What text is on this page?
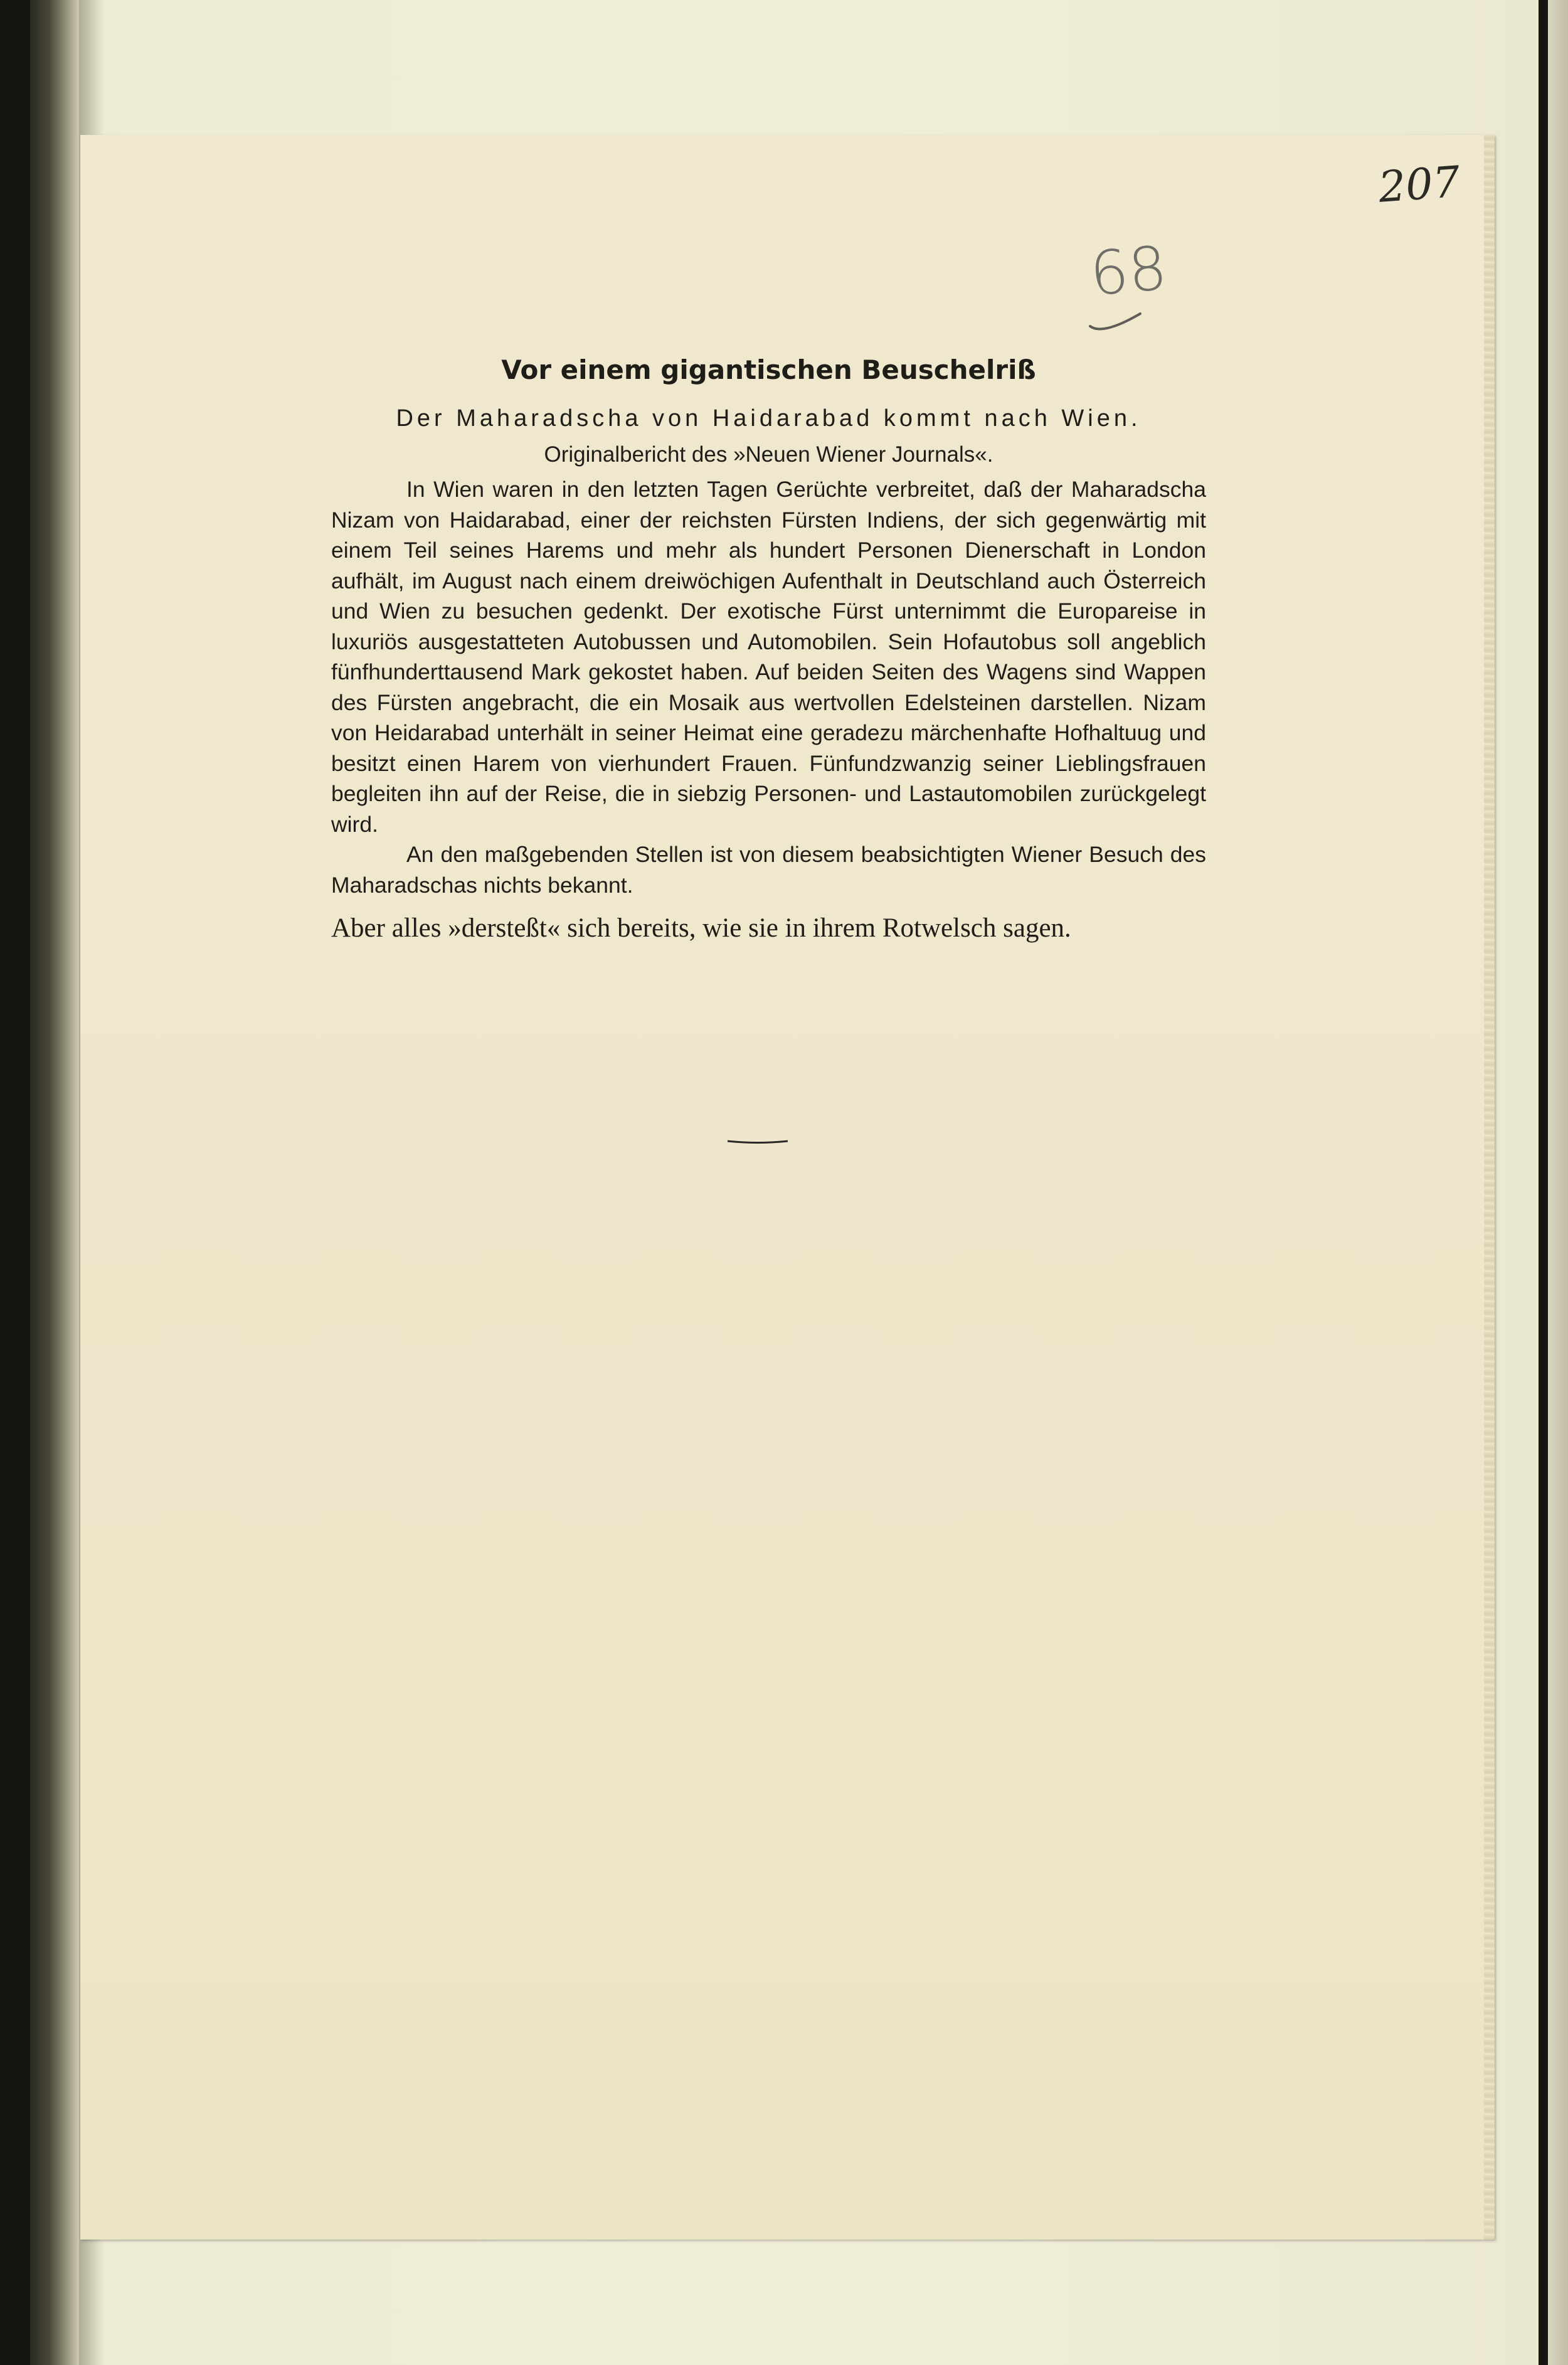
207
68
Vor einem gigantischen Beuschelriß

Der Maharadscha von Haidarabad kommt nach Wien.

Originalbericht des »Neuen Wiener Journals«.

In Wien waren in den letzten Tagen Gerüchte verbreitet, daß der Maharadscha Nizam von Haidarabad, einer der reichsten Fürsten Indiens, der sich gegenwärtig mit einem Teil seines Harems und mehr als hundert Personen Dienerschaft in London aufhält, im August nach einem dreiwöchigen Aufenthalt in Deutschland auch Österreich und Wien zu besuchen gedenkt. Der exotische Fürst unternimmt die Europareise in luxuriös ausgestatteten Autobussen und Automobilen. Sein Hofautobus soll angeblich fünfhunderttausend Mark gekostet haben. Auf beiden Seiten des Wagens sind Wappen des Fürsten angebracht, die ein Mosaik aus wertvollen Edelsteinen darstellen. Nizam von Heidarabad unterhält in seiner Heimat eine geradezu märchenhafte Hofhaltuug und besitzt einen Harem von vierhundert Frauen. Fünfundzwanzig seiner Lieblingsfrauen begleiten ihn auf der Reise, die in siebzig Personen- und Lastautomobilen zurückgelegt wird.

An den maßgebenden Stellen ist von diesem beabsichtigten Wiener Besuch des Maharadschas nichts bekannt.

Aber alles »dersteßt« sich bereits, wie sie in ihrem Rotwelsch sagen.
